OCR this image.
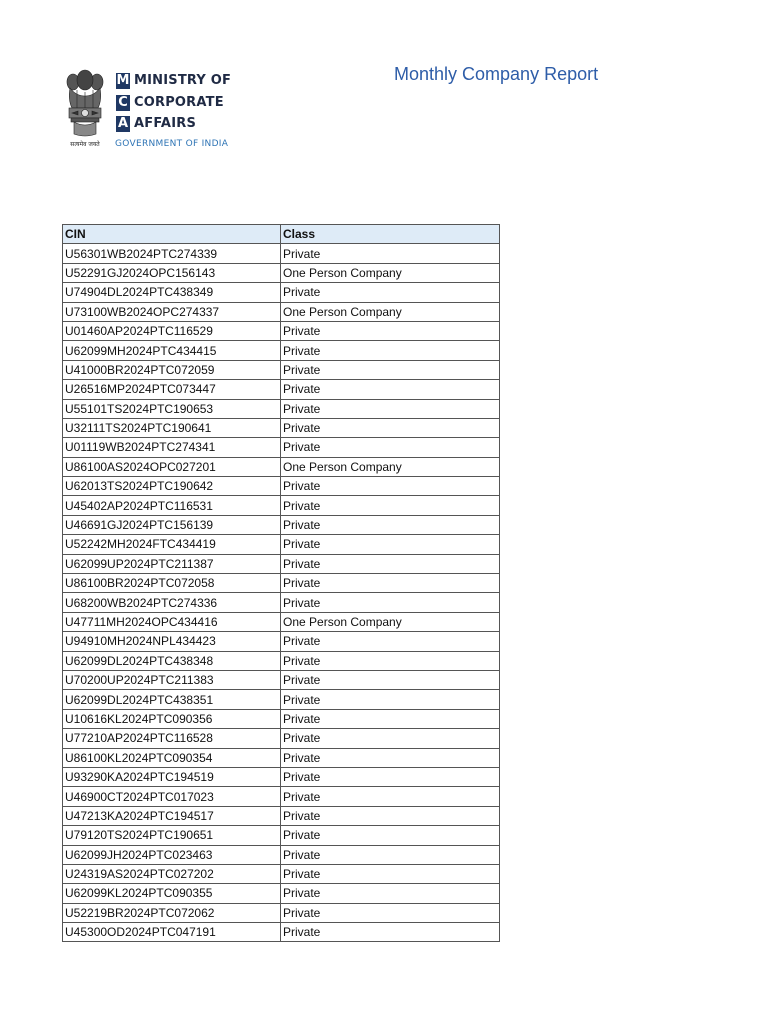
सत्यमेव जयते
M MINISTRY OF
C CORPORATE
A AFFAIRS
GOVERNMENT OF INDIA
Monthly Company Report
CIN	Class
U56301WB2024PTC274339	Private
U52291GJ2024OPC156143	One Person Company
U74904DL2024PTC438349	Private
U73100WB2024OPC274337	One Person Company
U01460AP2024PTC116529	Private
U62099MH2024PTC434415	Private
U41000BR2024PTC072059	Private
U26516MP2024PTC073447	Private
U55101TS2024PTC190653	Private
U32111TS2024PTC190641	Private
U01119WB2024PTC274341	Private
U86100AS2024OPC027201	One Person Company
U62013TS2024PTC190642	Private
U45402AP2024PTC116531	Private
U46691GJ2024PTC156139	Private
U52242MH2024FTC434419	Private
U62099UP2024PTC211387	Private
U86100BR2024PTC072058	Private
U68200WB2024PTC274336	Private
U47711MH2024OPC434416	One Person Company
U94910MH2024NPL434423	Private
U62099DL2024PTC438348	Private
U70200UP2024PTC211383	Private
U62099DL2024PTC438351	Private
U10616KL2024PTC090356	Private
U77210AP2024PTC116528	Private
U86100KL2024PTC090354	Private
U93290KA2024PTC194519	Private
U46900CT2024PTC017023	Private
U47213KA2024PTC194517	Private
U79120TS2024PTC190651	Private
U62099JH2024PTC023463	Private
U24319AS2024PTC027202	Private
U62099KL2024PTC090355	Private
U52219BR2024PTC072062	Private
U45300OD2024PTC047191	Private
